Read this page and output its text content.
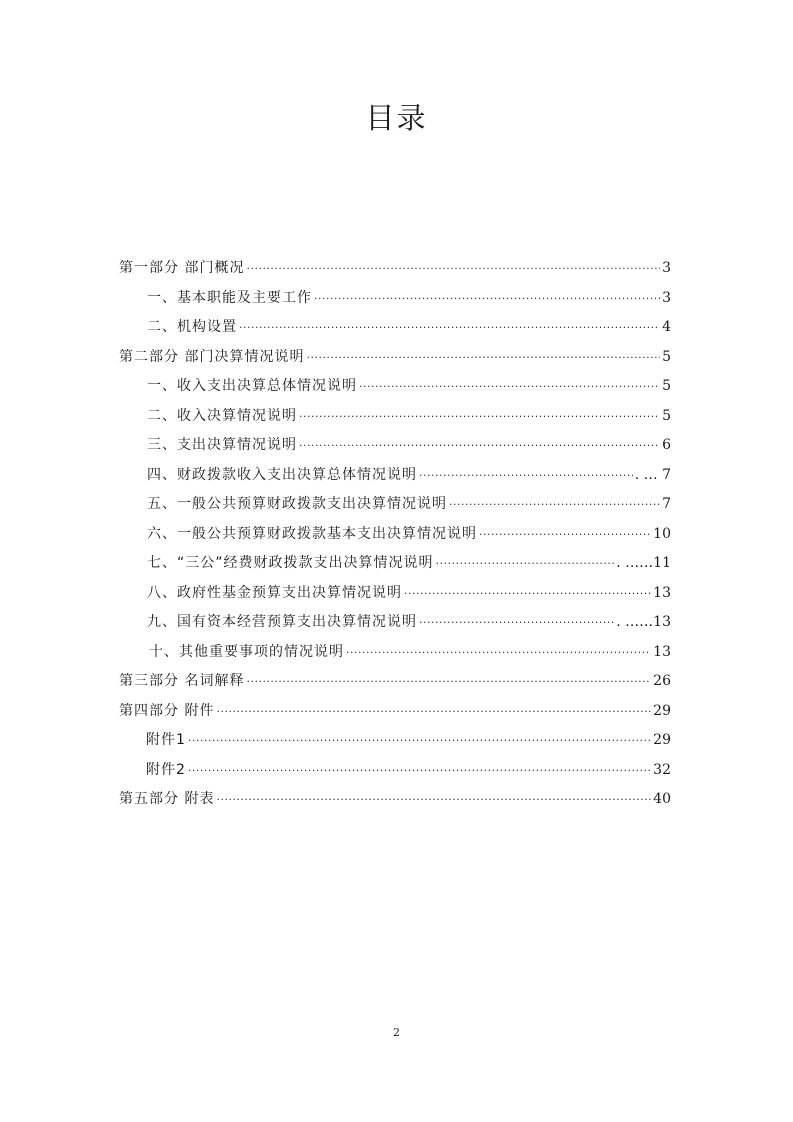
目录
第一部分 部门概况 ·····	3
一、基本职能及主要工作 ·····	3
二、机构设置 ·····	4
第二部分 部门决算情况说明 ·····	5
一、收入支出决算总体情况说明 ·····	5
二、收入决算情况说明 ·····	5
三、支出决算情况说明 ·····	6
四、财政拨款收入支出决算总体情况说明 ·····	. … 7
五、一般公共预算财政拨款支出决算情况说明 ·····	7
六、一般公共预算财政拨款基本支出决算情况说明 ·····	10
七、“三公”经费财政拨款支出决算情况说明 ·····	. ……11
八、政府性基金预算支出决算情况说明 ·····	13
九、国有资本经营预算支出决算情况说明 ·····	. ……13
十、其他重要事项的情况说明 ·····	13
第三部分 名词解释 ·····	26
第四部分 附件 ·····	29
附件1 ·····	29
附件2 ·····	32
第五部分 附表 ·····	40
2
